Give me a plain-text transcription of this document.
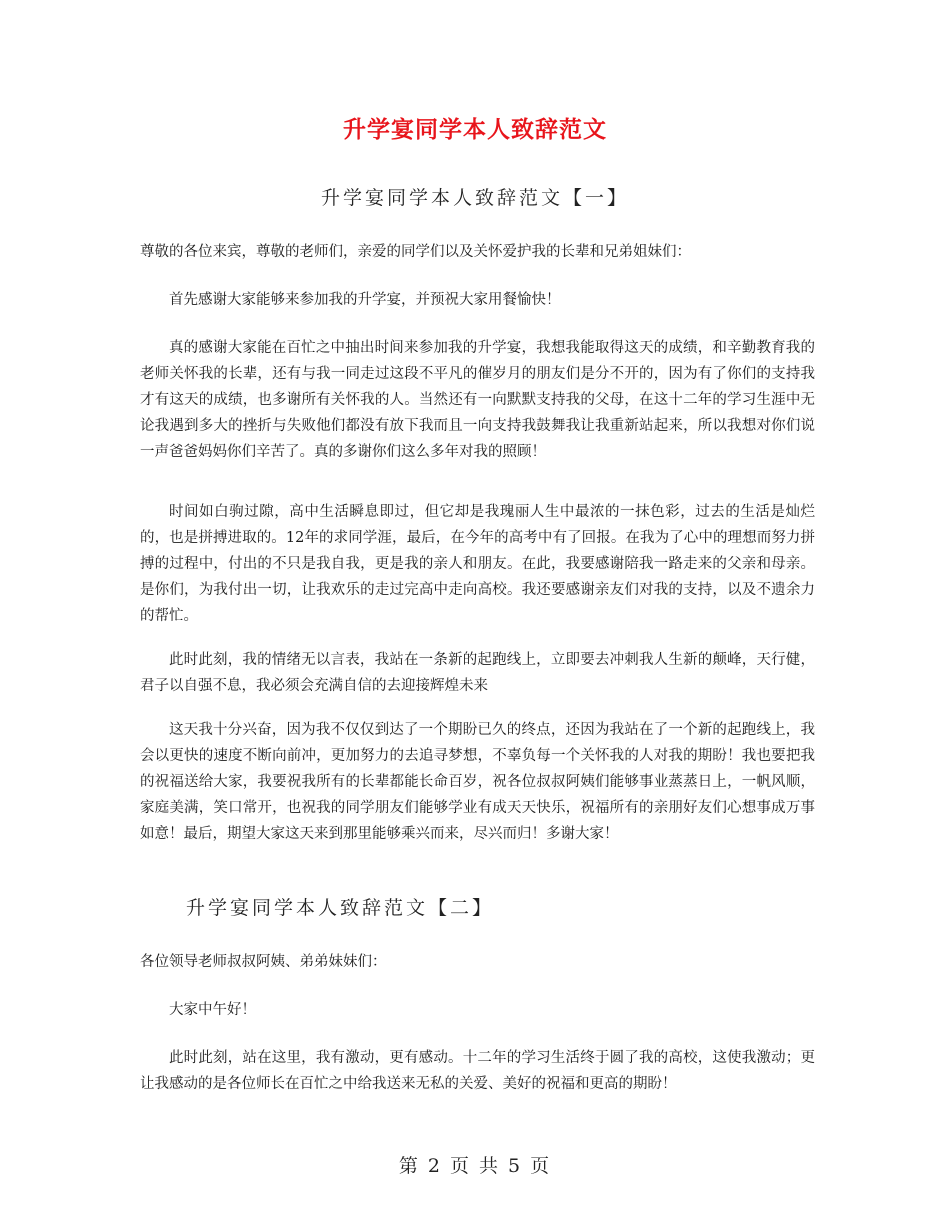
升学宴同学本人致辞范文
升学宴同学本人致辞范文【一】
尊敬的各位来宾，尊敬的老师们，亲爱的同学们以及关怀爱护我的长辈和兄弟姐妹们：
首先感谢大家能够来参加我的升学宴，并预祝大家用餐愉快！
真的感谢大家能在百忙之中抽出时间来参加我的升学宴，我想我能取得这天的成绩，和辛勤教育我的老师关怀我的长辈，还有与我一同走过这段不平凡的催岁月的朋友们是分不开的，因为有了你们的支持我才有这天的成绩，也多谢所有关怀我的人。当然还有一向默默支持我的父母，在这十二年的学习生涯中无论我遇到多大的挫折与失败他们都没有放下我而且一向支持我鼓舞我让我重新站起来，所以我想对你们说一声爸爸妈妈你们辛苦了。真的多谢你们这么多年对我的照顾！
时间如白驹过隙，高中生活瞬息即过，但它却是我瑰丽人生中最浓的一抹色彩，过去的生活是灿烂的，也是拼搏进取的。12年的求同学涯，最后，在今年的高考中有了回报。在我为了心中的理想而努力拼搏的过程中，付出的不只是我自我，更是我的亲人和朋友。在此，我要感谢陪我一路走来的父亲和母亲。是你们，为我付出一切，让我欢乐的走过完高中走向高校。我还要感谢亲友们对我的支持，以及不遗余力的帮忙。
此时此刻，我的情绪无以言表，我站在一条新的起跑线上，立即要去冲刺我人生新的颠峰，天行健，君子以自强不息，我必须会充满自信的去迎接辉煌未来
这天我十分兴奋，因为我不仅仅到达了一个期盼已久的终点，还因为我站在了一个新的起跑线上，我会以更快的速度不断向前冲，更加努力的去追寻梦想，不辜负每一个关怀我的人对我的期盼！我也要把我的祝福送给大家，我要祝我所有的长辈都能长命百岁，祝各位叔叔阿姨们能够事业蒸蒸日上，一帆风顺，家庭美满，笑口常开，也祝我的同学朋友们能够学业有成天天快乐，祝福所有的亲朋好友们心想事成万事如意！最后，期望大家这天来到那里能够乘兴而来，尽兴而归！多谢大家！
升学宴同学本人致辞范文【二】
各位领导老师叔叔阿姨、弟弟妹妹们：
大家中午好！
此时此刻，站在这里，我有激动，更有感动。十二年的学习生活终于圆了我的高校，这使我激动；更让我感动的是各位师长在百忙之中给我送来无私的关爱、美好的祝福和更高的期盼！
第 2 页 共 5 页
